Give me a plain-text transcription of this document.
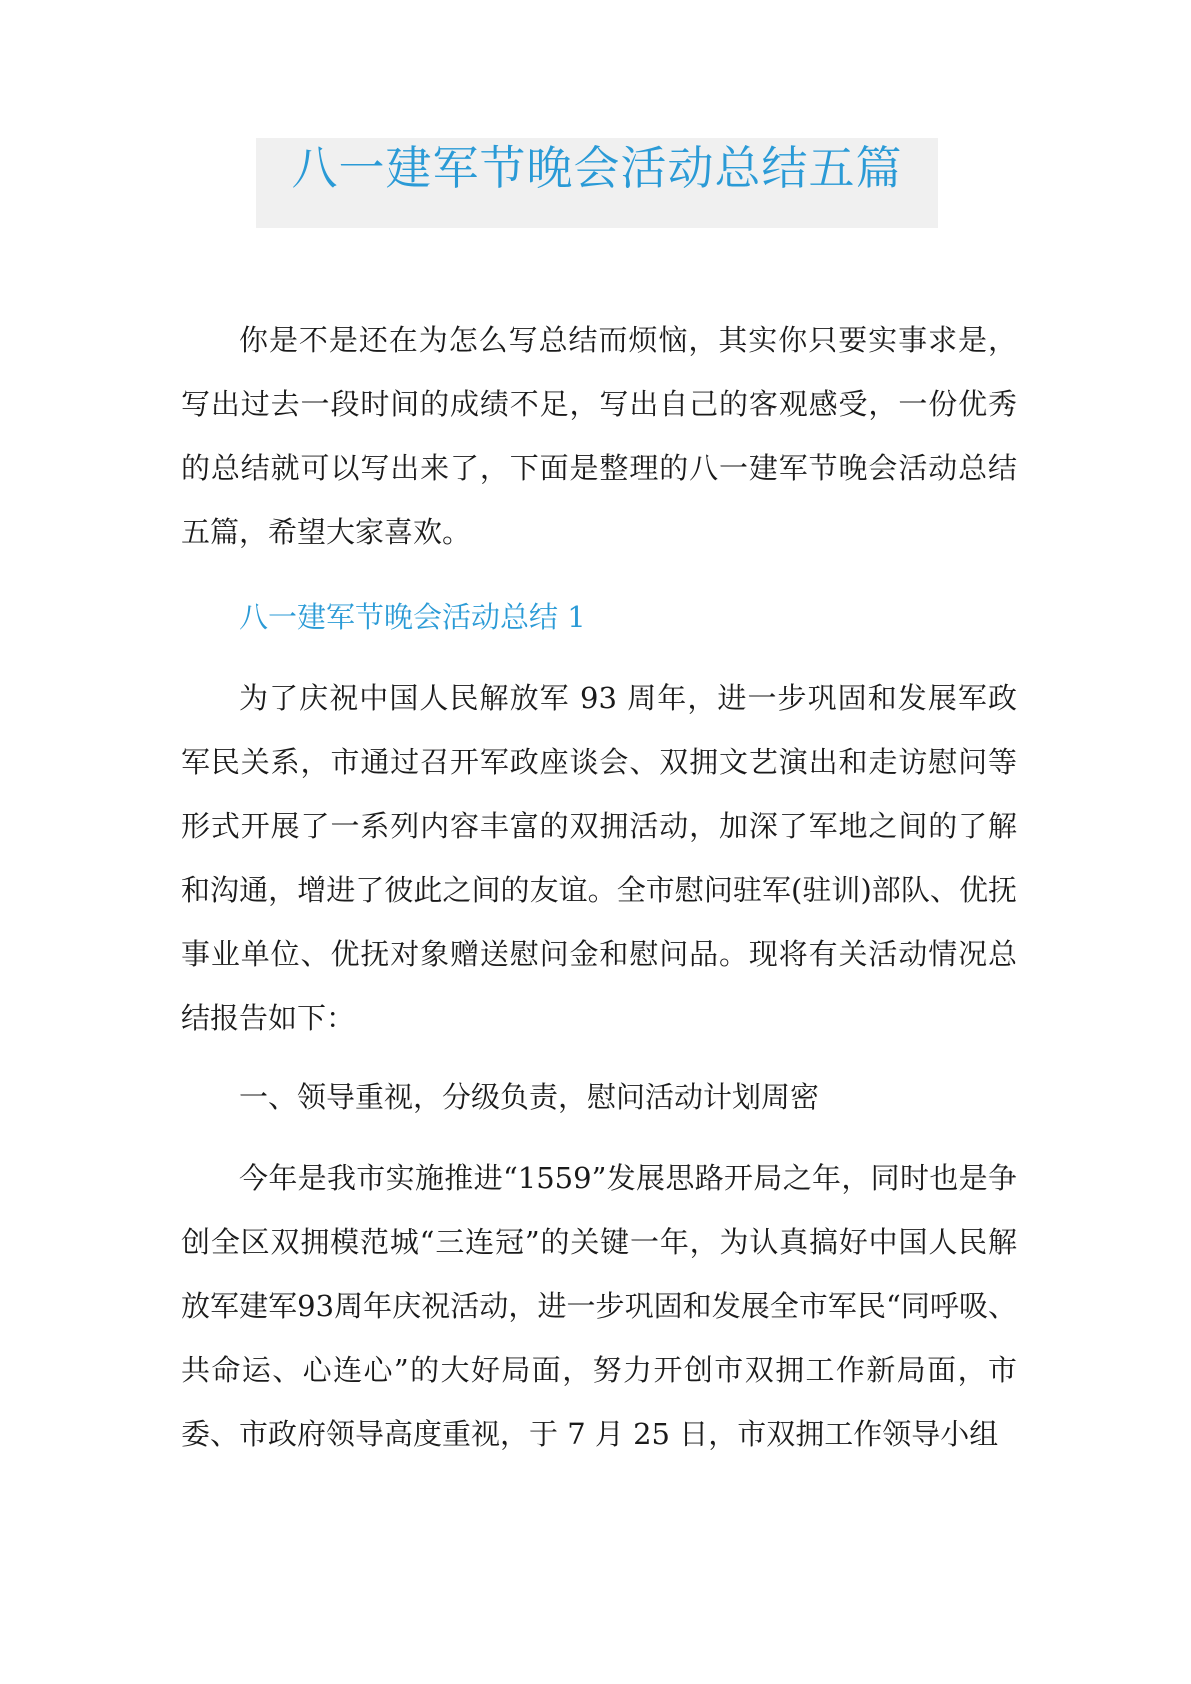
八一建军节晚会活动总结五篇
你是不是还在为怎么写总结而烦恼，其实你只要实事求是，写出过去一段时间的成绩不足，写出自己的客观感受，一份优秀的总结就可以写出来了，下面是整理的八一建军节晚会活动总结五篇，希望大家喜欢。
八一建军节晚会活动总结 1
为了庆祝中国人民解放军 93 周年，进一步巩固和发展军政军民关系，市通过召开军政座谈会、双拥文艺演出和走访慰问等形式开展了一系列内容丰富的双拥活动，加深了军地之间的了解和沟通，增进了彼此之间的友谊。全市慰问驻军(驻训)部队、优抚事业单位、优抚对象赠送慰问金和慰问品。现将有关活动情况总结报告如下：
一、领导重视，分级负责，慰问活动计划周密
今年是我市实施推进“1559”发展思路开局之年，同时也是争创全区双拥模范城“三连冠”的关键一年，为认真搞好中国人民解放军建军93周年庆祝活动，进一步巩固和发展全市军民“同呼吸、共命运、心连心”的大好局面，努力开创市双拥工作新局面，市委、市政府领导高度重视，于 7 月 25 日，市双拥工作领导小组
